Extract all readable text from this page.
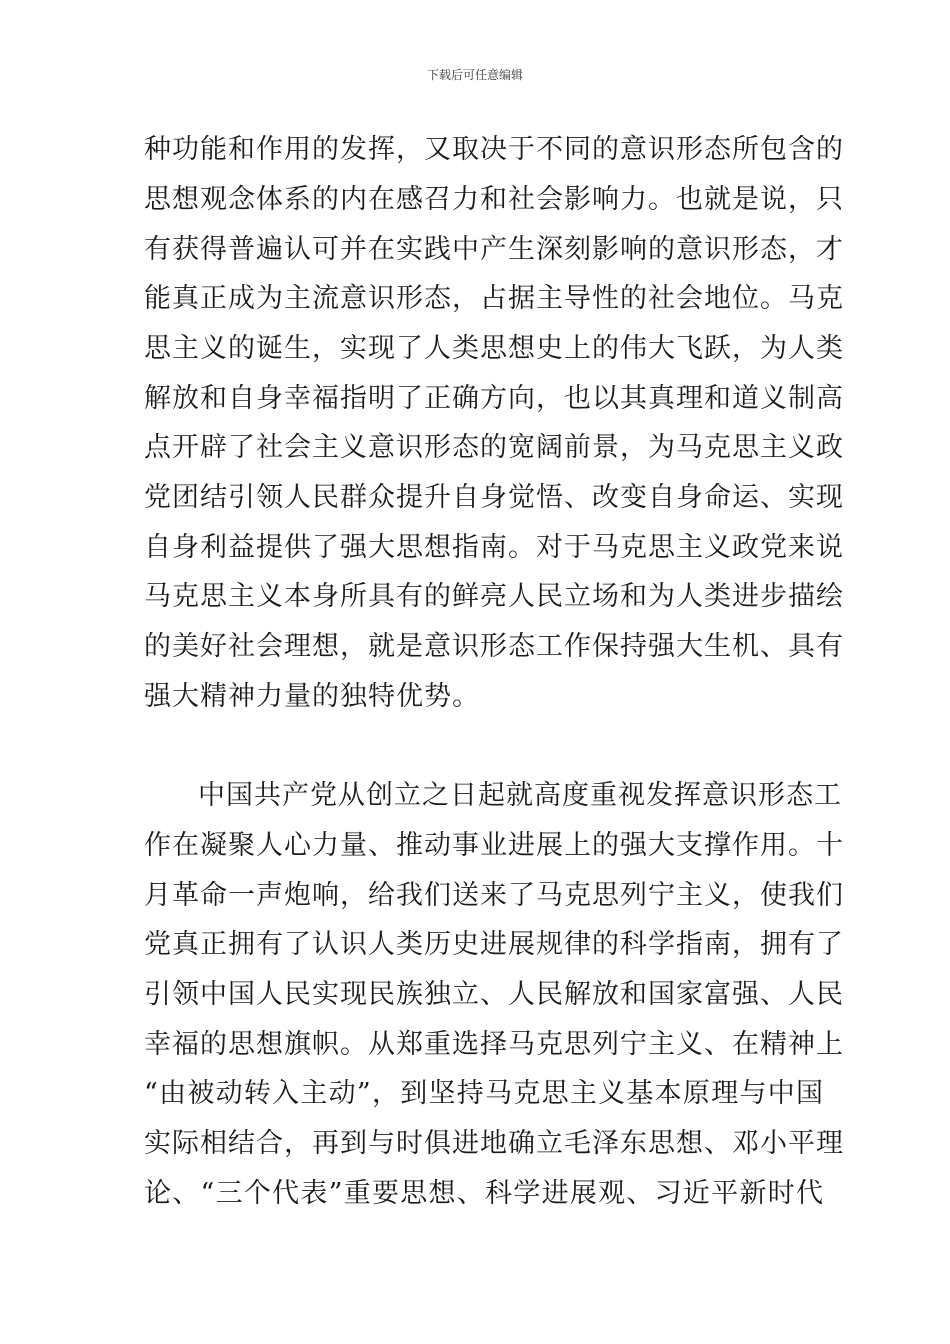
下载后可任意编辑
种功能和作用的发挥，又取决于不同的意识形态所包含的
思想观念体系的内在感召力和社会影响力。也就是说，只
有获得普遍认可并在实践中产生深刻影响的意识形态，才
能真正成为主流意识形态，占据主导性的社会地位。马克
思主义的诞生，实现了人类思想史上的伟大飞跃，为人类
解放和自身幸福指明了正确方向，也以其真理和道义制高
点开辟了社会主义意识形态的宽阔前景，为马克思主义政
党团结引领人民群众提升自身觉悟、改变自身命运、实现
自身利益提供了强大思想指南。对于马克思主义政党来说
马克思主义本身所具有的鲜亮人民立场和为人类进步描绘
的美好社会理想，就是意识形态工作保持强大生机、具有
强大精神力量的独特优势。
中国共产党从创立之日起就高度重视发挥意识形态工
作在凝聚人心力量、推动事业进展上的强大支撑作用。十
月革命一声炮响，给我们送来了马克思列宁主义，使我们
党真正拥有了认识人类历史进展规律的科学指南，拥有了
引领中国人民实现民族独立、人民解放和国家富强、人民
幸福的思想旗帜。从郑重选择马克思列宁主义、在精神上
“由被动转入主动”，到坚持马克思主义基本原理与中国
实际相结合，再到与时俱进地确立毛泽东思想、邓小平理
论、“三个代表”重要思想、科学进展观、习近平新时代
